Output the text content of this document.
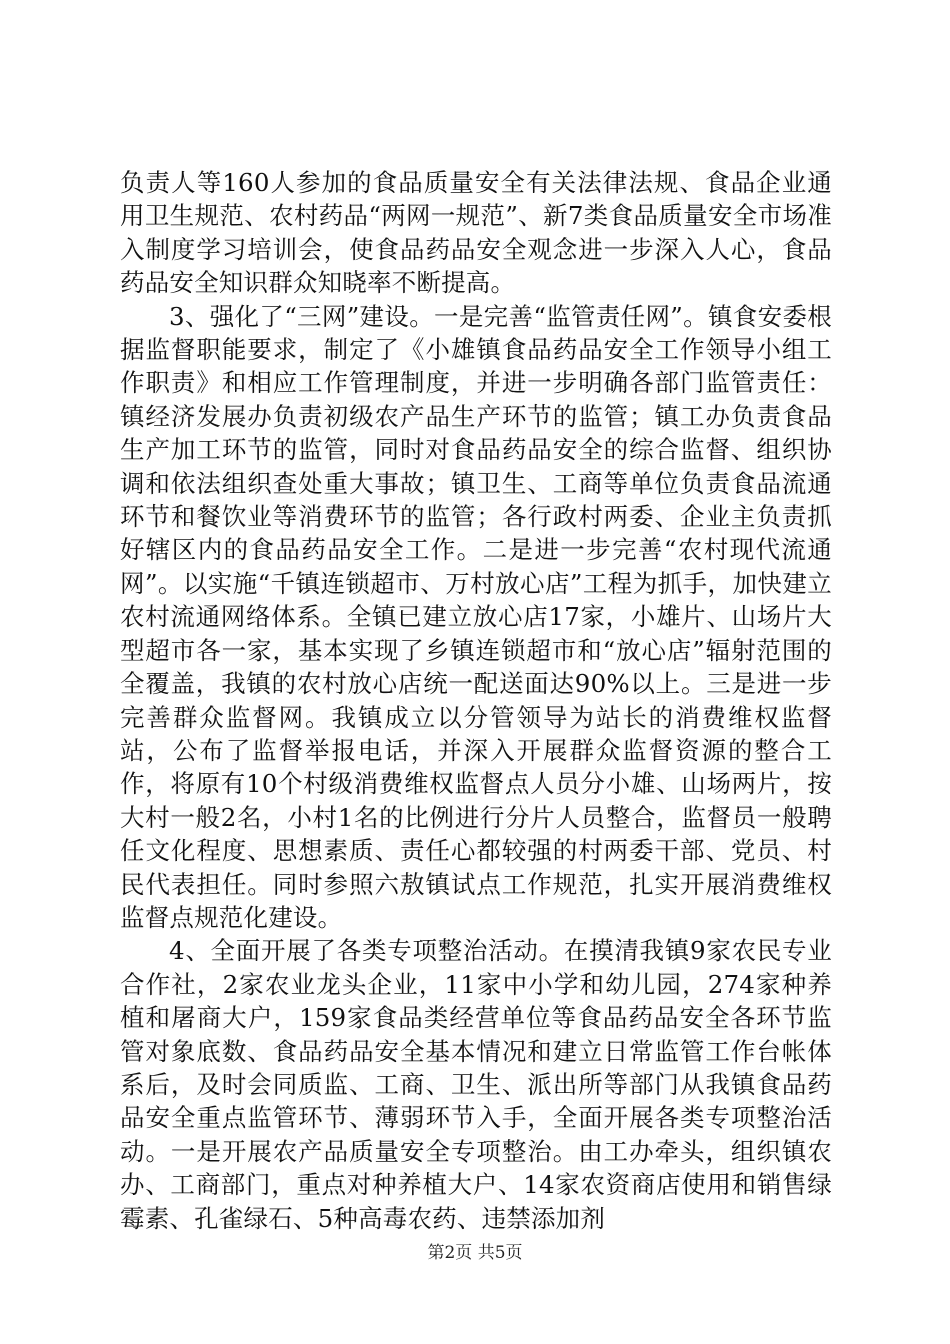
负责人等160人参加的食品质量安全有关法律法规、食品企业通用卫生规范、农村药品“两网一规范”、新7类食品质量安全市场准入制度学习培训会，使食品药品安全观念进一步深入人心，食品药品安全知识群众知晓率不断提高。

3、强化了“三网”建设。一是完善“监管责任网”。镇食安委根据监督职能要求，制定了《小雄镇食品药品安全工作领导小组工作职责》和相应工作管理制度，并进一步明确各部门监管责任：镇经济发展办负责初级农产品生产环节的监管；镇工办负责食品生产加工环节的监管，同时对食品药品安全的综合监督、组织协调和依法组织查处重大事故；镇卫生、工商等单位负责食品流通环节和餐饮业等消费环节的监管；各行政村两委、企业主负责抓好辖区内的食品药品安全工作。二是进一步完善“农村现代流通网”。以实施“千镇连锁超市、万村放心店”工程为抓手，加快建立农村流通网络体系。全镇已建立放心店17家，小雄片、山场片大型超市各一家，基本实现了乡镇连锁超市和“放心店”辐射范围的全覆盖，我镇的农村放心店统一配送面达90%以上。三是进一步完善群众监督网。我镇成立以分管领导为站长的消费维权监督站，公布了监督举报电话，并深入开展群众监督资源的整合工作，将原有10个村级消费维权监督点人员分小雄、山场两片，按大村一般2名，小村1名的比例进行分片人员整合，监督员一般聘任文化程度、思想素质、责任心都较强的村两委干部、党员、村民代表担任。同时参照六敖镇试点工作规范，扎实开展消费维权监督点规范化建设。

4、全面开展了各类专项整治活动。在摸清我镇9家农民专业合作社，2家农业龙头企业，11家中小学和幼儿园，274家种养植和屠商大户，159家食品类经营单位等食品药品安全各环节监管对象底数、食品药品安全基本情况和建立日常监管工作台帐体系后，及时会同质监、工商、卫生、派出所等部门从我镇食品药品安全重点监管环节、薄弱环节入手，全面开展各类专项整治活动。一是开展农产品质量安全专项整治。由工办牵头，组织镇农办、工商部门，重点对种养植大户、14家农资商店使用和销售绿霉素、孔雀绿石、5种高毒农药、违禁添加剂

第2页 共5页
